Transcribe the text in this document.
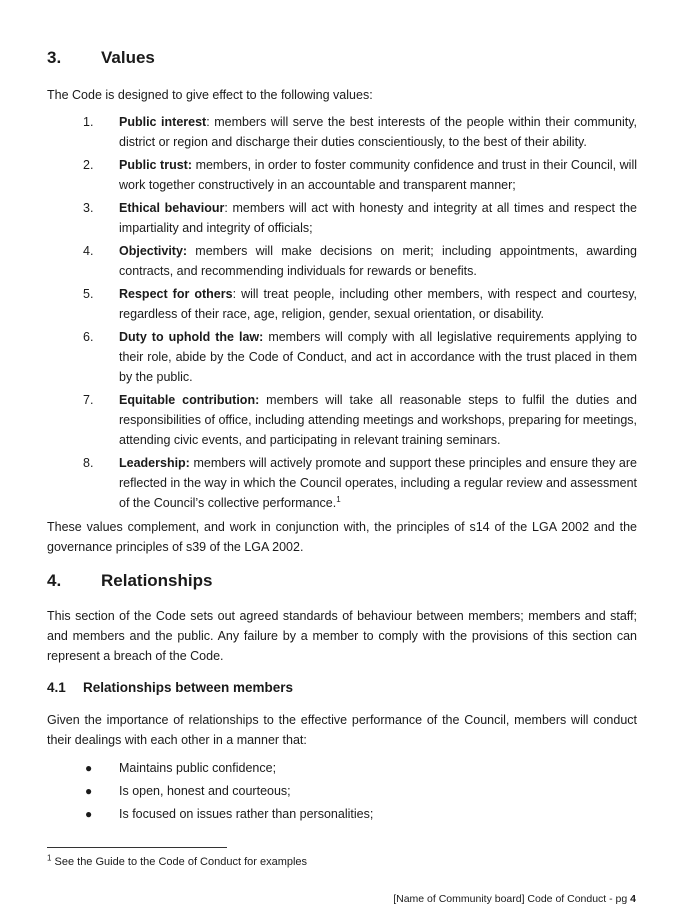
3. Values
The Code is designed to give effect to the following values:
1. Public interest: members will serve the best interests of the people within their community, district or region and discharge their duties conscientiously, to the best of their ability.
2. Public trust: members, in order to foster community confidence and trust in their Council, will work together constructively in an accountable and transparent manner;
3. Ethical behaviour: members will act with honesty and integrity at all times and respect the impartiality and integrity of officials;
4. Objectivity: members will make decisions on merit; including appointments, awarding contracts, and recommending individuals for rewards or benefits.
5. Respect for others: will treat people, including other members, with respect and courtesy, regardless of their race, age, religion, gender, sexual orientation, or disability.
6. Duty to uphold the law: members will comply with all legislative requirements applying to their role, abide by the Code of Conduct, and act in accordance with the trust placed in them by the public.
7. Equitable contribution: members will take all reasonable steps to fulfil the duties and responsibilities of office, including attending meetings and workshops, preparing for meetings, attending civic events, and participating in relevant training seminars.
8. Leadership: members will actively promote and support these principles and ensure they are reflected in the way in which the Council operates, including a regular review and assessment of the Council’s collective performance.$^1$
These values complement, and work in conjunction with, the principles of s14 of the LGA 2002 and the governance principles of s39 of the LGA 2002.
4. Relationships
This section of the Code sets out agreed standards of behaviour between members; members and staff; and members and the public. Any failure by a member to comply with the provisions of this section can represent a breach of the Code.
4.1 Relationships between members
Given the importance of relationships to the effective performance of the Council, members will conduct their dealings with each other in a manner that:
● Maintains public confidence;
● Is open, honest and courteous;
● Is focused on issues rather than personalities;
$^1$ See the Guide to the Code of Conduct for examples
[Name of Community board] Code of Conduct - pg 4
